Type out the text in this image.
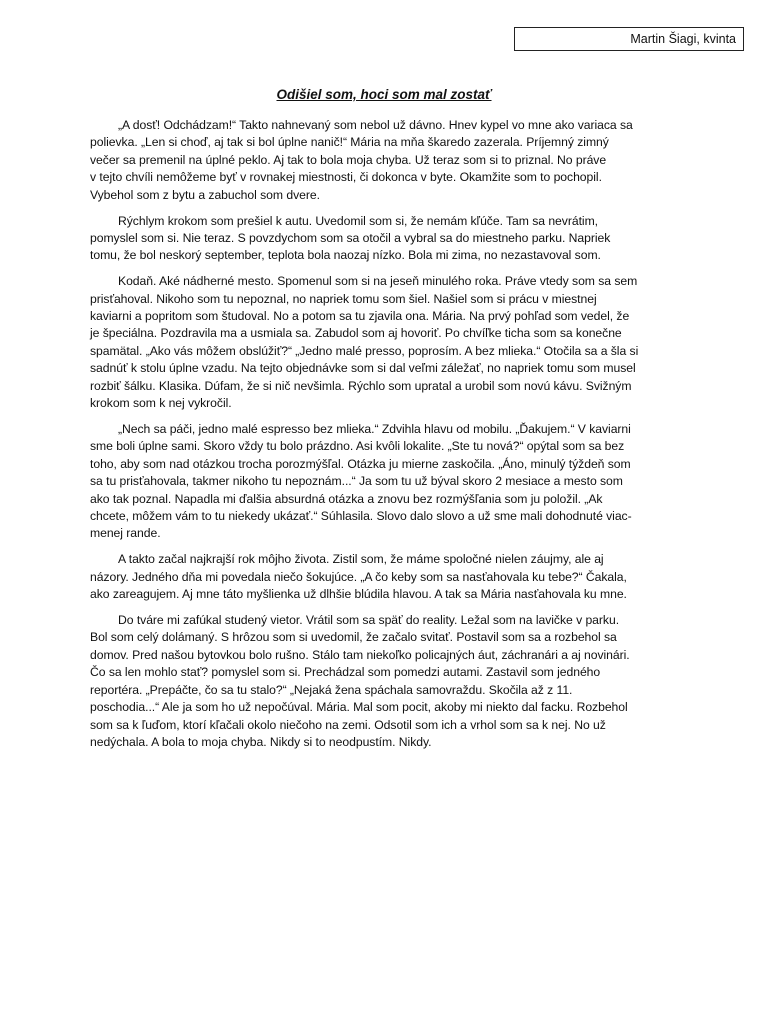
Martin Šiagi, kvinta
Odišiel som, hoci som mal zostať

„A dosť! Odchádzam!“ Takto nahnevaný som nebol už dávno. Hnev kypel vo mne ako variaca sa
polievka. „Len si choď, aj tak si bol úplne nanič!“ Mária na mňa škaredo zazerala. Príjemný zimný
večer sa premenil na úplné peklo. Aj tak to bola moja chyba. Už teraz som si to priznal. No práve
v tejto chvíli nemôžeme byť v rovnakej miestnosti, či dokonca v byte. Okamžite som to pochopil.
Vybehol som z bytu a zabuchol som dvere.

Rýchlym krokom som prešiel k autu. Uvedomil som si, že nemám kľúče. Tam sa nevrátim,
pomyslel som si. Nie teraz. S povzdychom som sa otočil a vybral sa do miestneho parku. Napriek
tomu, že bol neskorý september, teplota bola naozaj nízko. Bola mi zima, no nezastavoval som.

Kodaň. Aké nádherné mesto. Spomenul som si na jeseň minulého roka. Práve vtedy som sa sem
prisťahoval. Nikoho som tu nepoznal, no napriek tomu som šiel. Našiel som si prácu v miestnej
kaviarni a popritom som študoval. No a potom sa tu zjavila ona. Mária. Na prvý pohľad som vedel, že
je špeciálna. Pozdravila ma a usmiala sa. Zabudol som aj hovoriť. Po chvíľke ticha som sa konečne
spamätal. „Ako vás môžem obslúžiť?“ „Jedno malé presso, poprosím. A bez mlieka.“ Otočila sa a šla si
sadnúť k stolu úplne vzadu. Na tejto objednávke som si dal veľmi záležať, no napriek tomu som musel
rozbiť šálku. Klasika. Dúfam, že si nič nevšimla. Rýchlo som upratal a urobil som novú kávu. Svižným
krokom som k nej vykročil.

„Nech sa páči, jedno malé espresso bez mlieka.“ Zdvihla hlavu od mobilu. „Ďakujem.“ V kaviarni
sme boli úplne sami. Skoro vždy tu bolo prázdno. Asi kvôli lokalite. „Ste tu nová?“ opýtal som sa bez
toho, aby som nad otázkou trocha porozmýšľal. Otázka ju mierne zaskočila. „Áno, minulý týždeň som
sa tu prisťahovala, takmer nikoho tu nepoznám...“ Ja som tu už býval skoro 2 mesiace a mesto som
ako tak poznal. Napadla mi ďalšia absurdná otázka a znovu bez rozmýšľania som ju položil. „Ak
chcete, môžem vám to tu niekedy ukázať.“ Súhlasila. Slovo dalo slovo a už sme mali dohodnuté viac-
menej rande.

A takto začal najkrajší rok môjho života. Zistil som, že máme spoločné nielen záujmy, ale aj
názory. Jedného dňa mi povedala niečo šokujúce. „A čo keby som sa nasťahovala ku tebe?“ Čakala,
ako zareagujem. Aj mne táto myšlienka už dlhšie blúdila hlavou. A tak sa Mária nasťahovala ku mne.

Do tváre mi zafúkal studený vietor. Vrátil som sa späť do reality. Ležal som na lavičke v parku.
Bol som celý dolámaný. S hrôzou som si uvedomil, že začalo svitať. Postavil som sa a rozbehol sa
domov. Pred našou bytovkou bolo rušno. Stálo tam niekoľko policajných áut, záchranári a aj novinári.
Čo sa len mohlo stať? pomyslel som si. Prechádzal som pomedzi autami. Zastavil som jedného
reportéra. „Prepáčte, čo sa tu stalo?“ „Nejaká žena spáchala samovraždu. Skočila až z 11.
poschodia...“ Ale ja som ho už nepočúval. Mária. Mal som pocit, akoby mi niekto dal facku. Rozbehol
som sa k ľuďom, ktorí kľačali okolo niečoho na zemi. Odsotil som ich a vrhol som sa k nej. No už
nedýchala. A bola to moja chyba. Nikdy si to neodpustím. Nikdy.
